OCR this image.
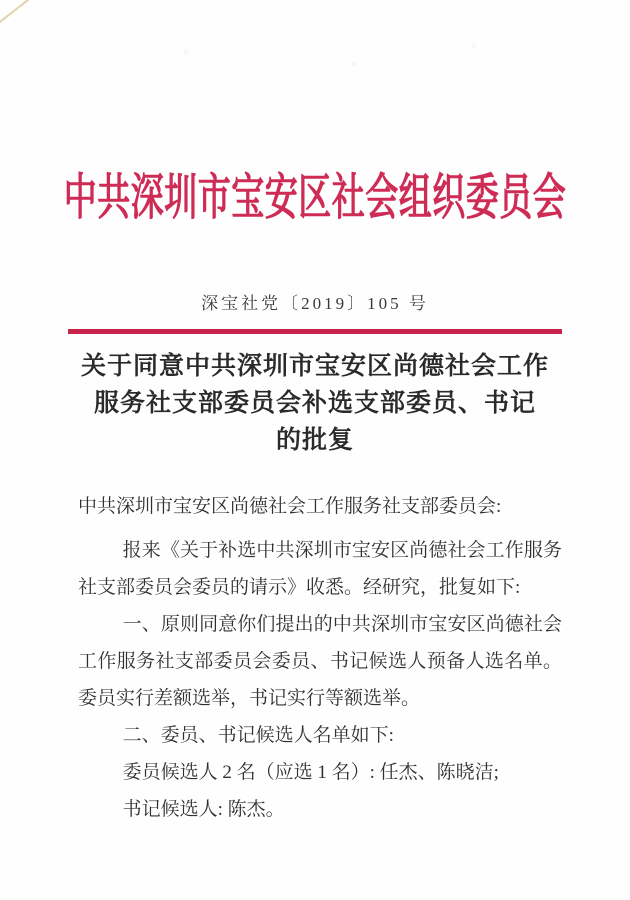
中共深圳市宝安区社会组织委员会
深宝社党〔2019〕105 号
关于同意中共深圳市宝安区尚德社会工作
服务社支部委员会补选支部委员、书记
的批复

中共深圳市宝安区尚德社会工作服务社支部委员会:

报来《关于补选中共深圳市宝安区尚德社会工作服务社支部委员会委员的请示》收悉。经研究，批复如下:

一、原则同意你们提出的中共深圳市宝安区尚德社会工作服务社支部委员会委员、书记候选人预备人选名单。委员实行差额选举，书记实行等额选举。

二、委员、书记候选人名单如下:

委员候选人 2 名（应选 1 名）: 任杰、陈晓洁;

书记候选人: 陈杰。
